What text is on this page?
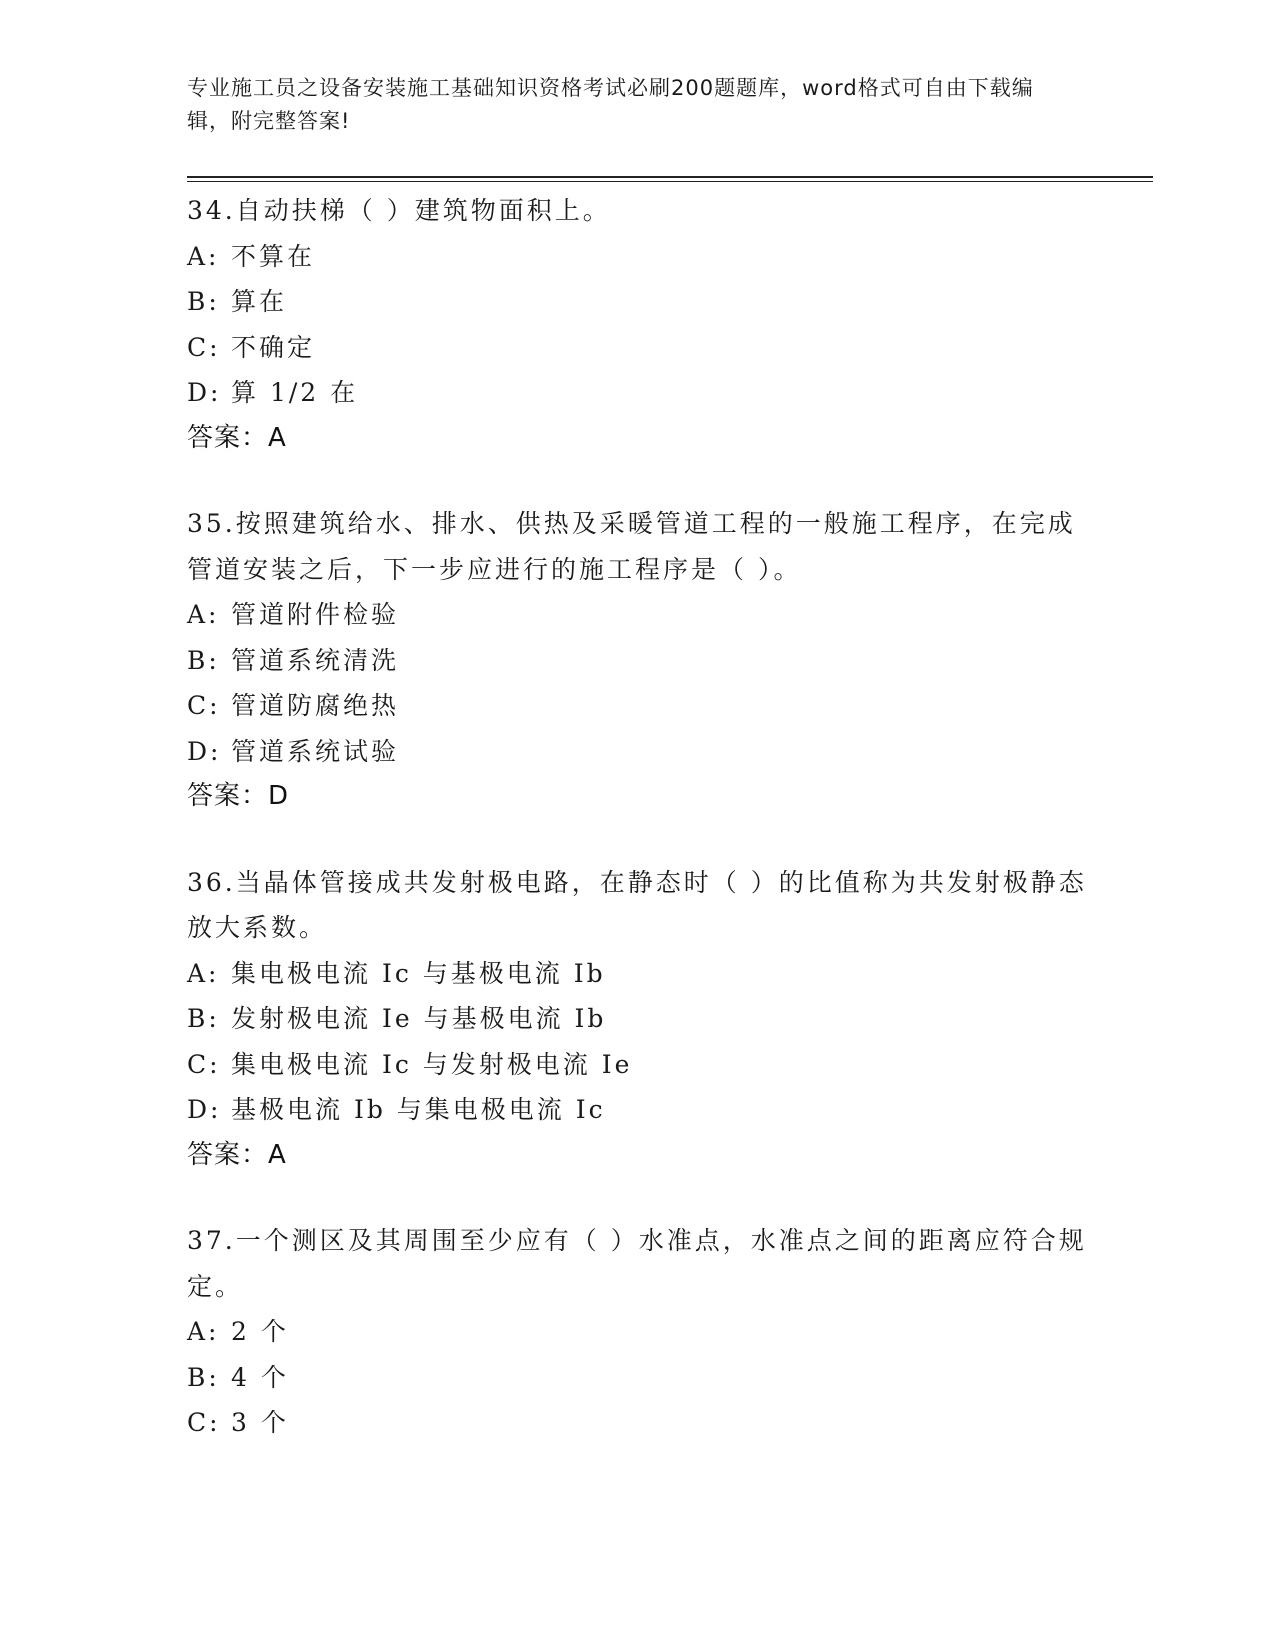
专业施工员之设备安装施工基础知识资格考试必刷200题题库，word格式可自由下载编辑，附完整答案!

34.自动扶梯（ ）建筑物面积上。

A: 不算在

B: 算在

C: 不确定

D: 算 1/2 在

答案：A

35.按照建筑给水、排水、供热及采暖管道工程的一般施工程序，在完成管道安装之后，下一步应进行的施工程序是（ ）。

A: 管道附件检验

B: 管道系统清洗

C: 管道防腐绝热

D: 管道系统试验

答案：D

36.当晶体管接成共发射极电路，在静态时（ ）的比值称为共发射极静态放大系数。

A: 集电极电流 Ic 与基极电流 Ib

B: 发射极电流 Ie 与基极电流 Ib

C: 集电极电流 Ic 与发射极电流 Ie

D: 基极电流 Ib 与集电极电流 Ic

答案：A

37.一个测区及其周围至少应有（ ）水准点，水准点之间的距离应符合规定。

A: 2 个

B: 4 个

C: 3 个
